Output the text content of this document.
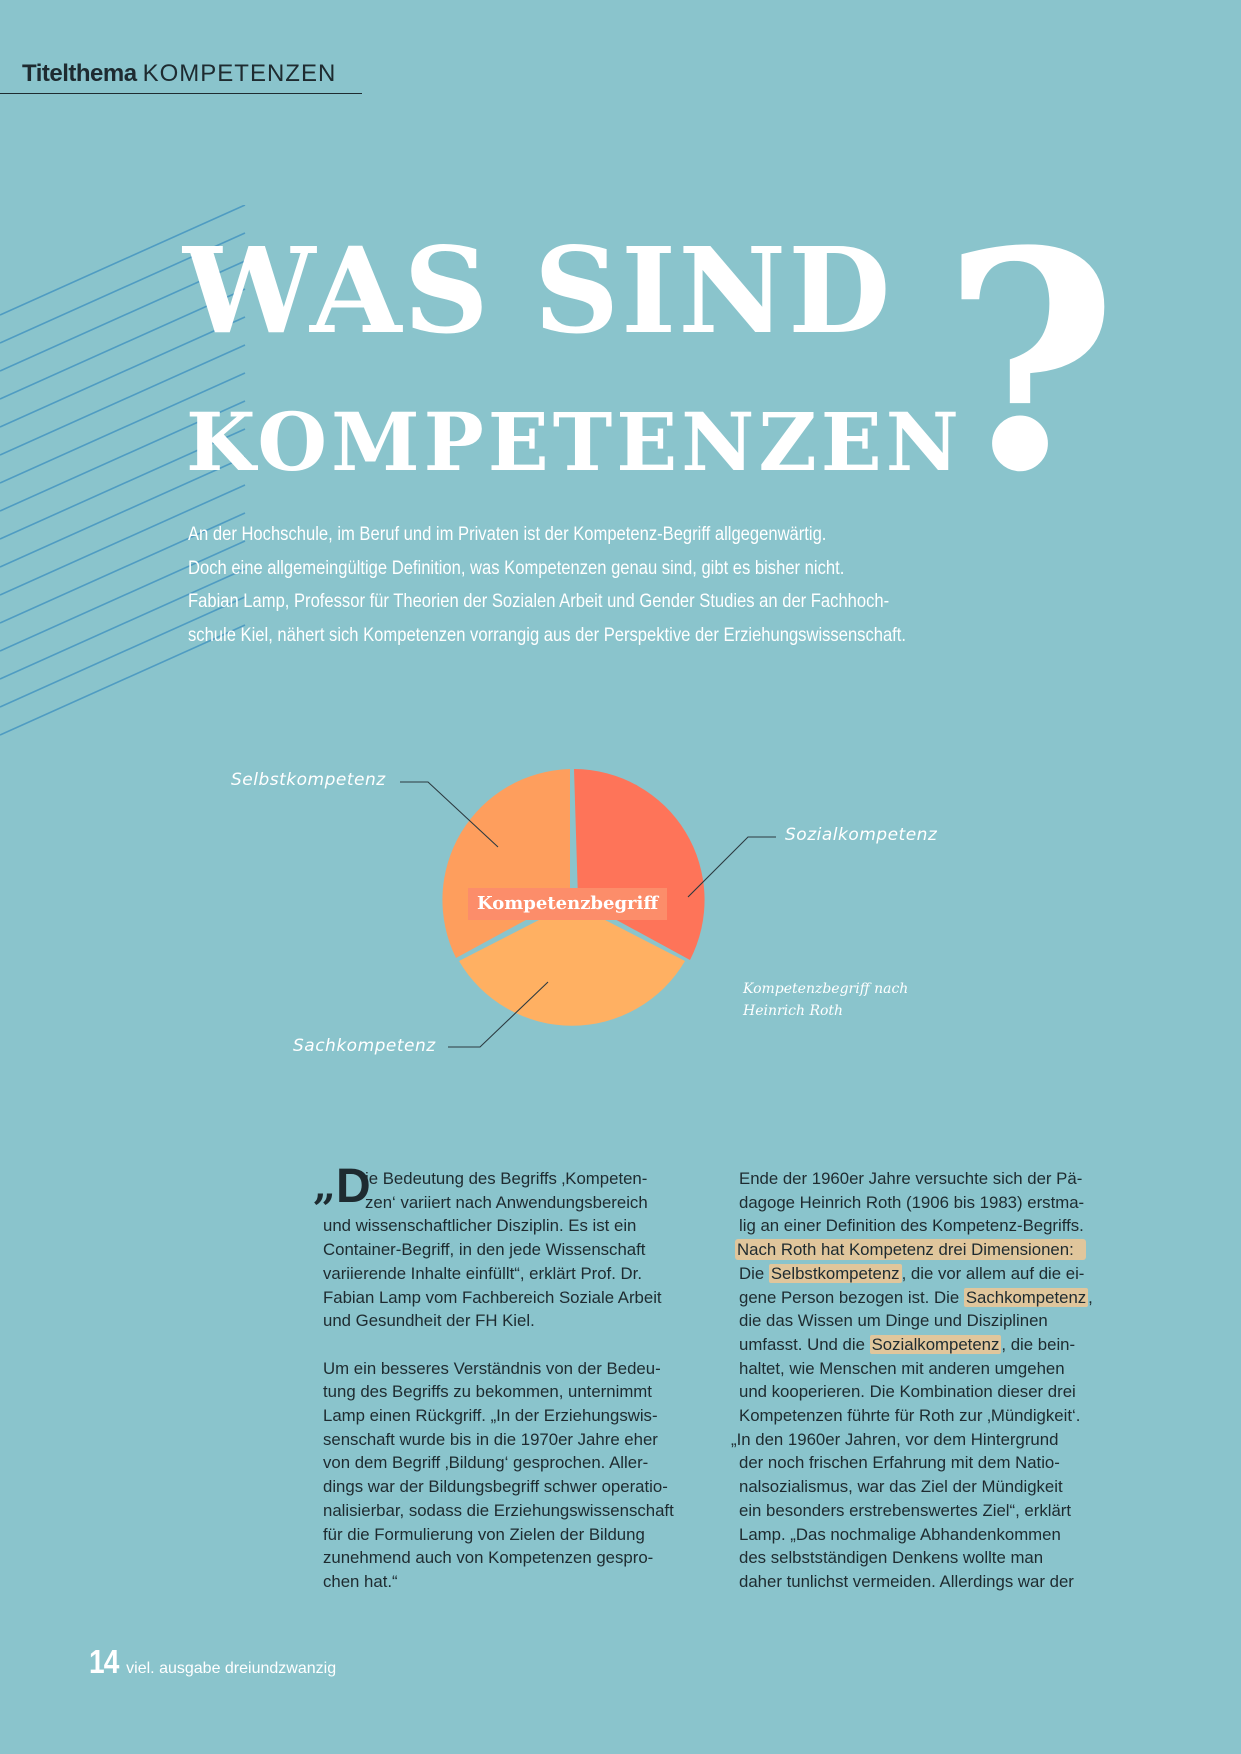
Titelthema KOMPETENZEN
WAS SIND
KOMPETENZEN
?
An der Hochschule, im Beruf und im Privaten ist der Kompetenz-Begriff allgegenwärtig.
Doch eine allgemeingültige Definition, was Kompetenzen genau sind, gibt es bisher nicht.
Fabian Lamp, Professor für Theorien der Sozialen Arbeit und Gender Studies an der Fachhoch-
schule Kiel, nähert sich Kompetenzen vorrangig aus der Perspektive der Erziehungswissenschaft.
Selbstkompetenz
Sozialkompetenz
Sachkompetenz
Kompetenzbegriff
Kompetenzbegriff nach
Heinrich Roth
„ D
ie Bedeutung des Begriffs ‚Kompeten-
zen‘ variiert nach Anwendungsbereich
und wissenschaftlicher Disziplin. Es ist ein
Container-Begriff, in den jede Wissenschaft
variierende Inhalte einfüllt“, erklärt Prof. Dr.
Fabian Lamp vom Fachbereich Soziale Arbeit
und Gesundheit der FH Kiel.
Um ein besseres Verständnis von der Bedeu-
tung des Begriffs zu bekommen, unternimmt
Lamp einen Rückgriff. „In der Erziehungswis-
senschaft wurde bis in die 1970er Jahre eher
von dem Begriff ‚Bildung‘ gesprochen. Aller-
dings war der Bildungsbegriff schwer operatio-
nalisierbar, sodass die Erziehungswissenschaft
für die Formulierung von Zielen der Bildung
zunehmend auch von Kompetenzen gespro-
chen hat.“
Ende der 1960er Jahre versuchte sich der Pä-
dagoge Heinrich Roth (1906 bis 1983) erstma-
lig an einer Definition des Kompetenz-Begriffs.
Nach Roth hat Kompetenz drei Dimensionen:
Die Selbstkompetenz , die vor allem auf die ei-
gene Person bezogen ist. Die Sachkompetenz ,
die das Wissen um Dinge und Disziplinen
umfasst. Und die Sozialkompetenz , die bein-
haltet, wie Menschen mit anderen umgehen
und kooperieren. Die Kombination dieser drei
Kompetenzen führte für Roth zur ‚Mündigkeit‘.
„In den 1960er Jahren, vor dem Hintergrund
der noch frischen Erfahrung mit dem Natio-
nalsozialismus, war das Ziel der Mündigkeit
ein besonders erstrebenswertes Ziel“, erklärt
Lamp. „Das nochmalige Abhandenkommen
des selbstständigen Denkens wollte man
daher tunlichst vermeiden. Allerdings war der
14 viel. ausgabe dreiundzwanzig
